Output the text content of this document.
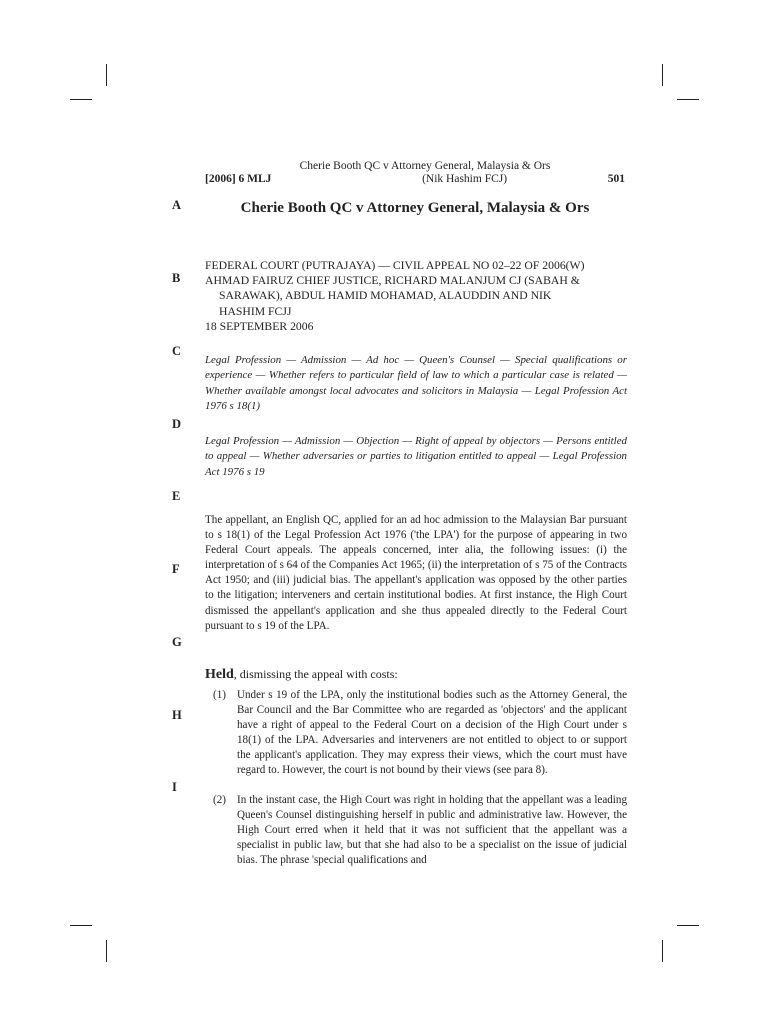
Cherie Booth QC v Attorney General, Malaysia & Ors
[2006] 6 MLJ	(Nik Hashim FCJ)	501
A
B
C
D
E
F
G
H
I
Cherie Booth QC v Attorney General, Malaysia & Ors
FEDERAL COURT (PUTRAJAYA) — CIVIL APPEAL NO 02–22 OF 2006(W)
AHMAD FAIRUZ CHIEF JUSTICE, RICHARD MALANJUM CJ (SABAH &
SARAWAK), ABDUL HAMID MOHAMAD, ALAUDDIN AND NIK
HASHIM FCJJ
18 SEPTEMBER 2006
Legal Profession — Admission — Ad hoc — Queen's Counsel — Special qualifications or experience — Whether refers to particular field of law to which a particular case is related — Whether available amongst local advocates and solicitors in Malaysia — Legal Profession Act 1976 s 18(1)
Legal Profession — Admission — Objection — Right of appeal by objectors — Persons entitled to appeal — Whether adversaries or parties to litigation entitled to appeal — Legal Profession Act 1976 s 19

The appellant, an English QC, applied for an ad hoc admission to the Malaysian Bar pursuant to s 18(1) of the Legal Profession Act 1976 ('the LPA') for the purpose of appearing in two Federal Court appeals. The appeals concerned, inter alia, the following issues: (i) the interpretation of s 64 of the Companies Act 1965; (ii) the interpretation of s 75 of the Contracts Act 1950; and (iii) judicial bias. The appellant's application was opposed by the other parties to the litigation; interveners and certain institutional bodies. At first instance, the High Court dismissed the appellant's application and she thus appealed directly to the Federal Court pursuant to s 19 of the LPA.

Held, dismissing the appeal with costs:
(1) Under s 19 of the LPA, only the institutional bodies such as the Attorney General, the Bar Council and the Bar Committee who are regarded as 'objectors' and the applicant have a right of appeal to the Federal Court on a decision of the High Court under s 18(1) of the LPA. Adversaries and interveners are not entitled to object to or support the applicant's application. They may express their views, which the court must have regard to. However, the court is not bound by their views (see para 8).
(2) In the instant case, the High Court was right in holding that the appellant was a leading Queen's Counsel distinguishing herself in public and administrative law. However, the High Court erred when it held that it was not sufficient that the appellant was a specialist in public law, but that she had also to be a specialist on the issue of judicial bias. The phrase 'special qualifications and
